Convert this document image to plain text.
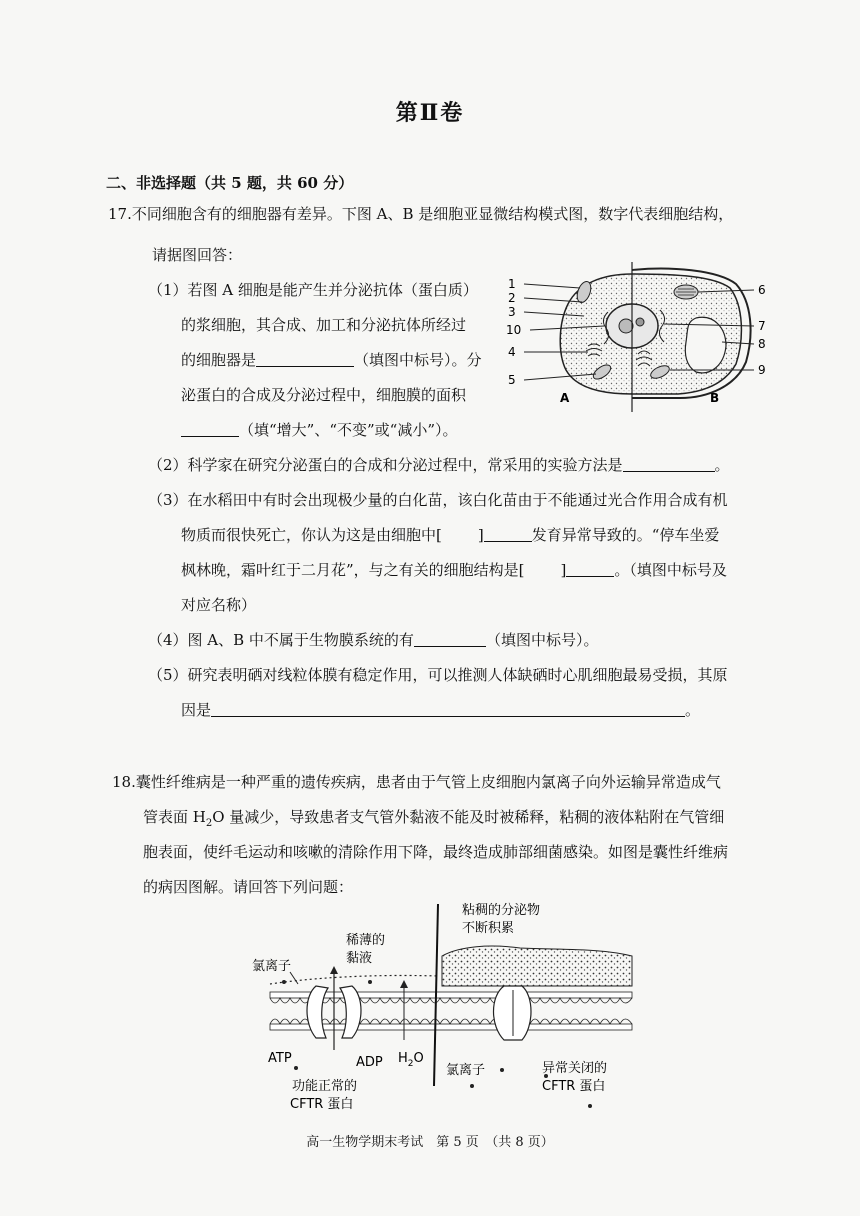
第Ⅱ卷
二、非选择题（共 5 题，共 60 分）
17.不同细胞含有的细胞器有差异。下图 A、B 是细胞亚显微结构模式图，数字代表细胞结构，
请据图回答：
（1）若图 A 细胞是能产生并分泌抗体（蛋白质）
的浆细胞，其合成、加工和分泌抗体所经过
的细胞器是	（填图中标号）。分
泌蛋白的合成及分泌过程中，细胞膜的面积
（填“增大”、“不变”或“减小”）。
1
2
3
10
4
5
6
7
8
9
A	B
（2）科学家在研究分泌蛋白的合成和分泌过程中，常采用的实验方法是	。
（3）在水稻田中有时会出现极少量的白化苗，该白化苗由于不能通过光合作用合成有机
物质而很快死亡，你认为这是由细胞中[ ]	发育异常导致的。“停车坐爱
枫林晚，霜叶红于二月花”，与之有关的细胞结构是[ ]	。（填图中标号及
对应名称）
（4）图 A、B 中不属于生物膜系统的有	（填图中标号）。
（5）研究表明硒对线粒体膜有稳定作用，可以推测人体缺硒时心肌细胞最易受损，其原
因是	。
18.囊性纤维病是一种严重的遗传疾病，患者由于气管上皮细胞内氯离子向外运输异常造成气
管表面 $H_2O$ 量减少，导致患者支气管外黏液不能及时被稀释，粘稠的液体粘附在气管细
胞表面，使纤毛运动和咳嗽的清除作用下降，最终造成肺部细菌感染。如图是囊性纤维病
的病因图解。请回答下列问题：
粘稠的分泌物
不断积累
稀薄的
黏液
氯离子
ATP	ADP $H_2O$
氯离子	异常关闭的
CFTR 蛋白
功能正常的
CFTR 蛋白
高一生物学期末考试　第 5 页　（共 8 页）
